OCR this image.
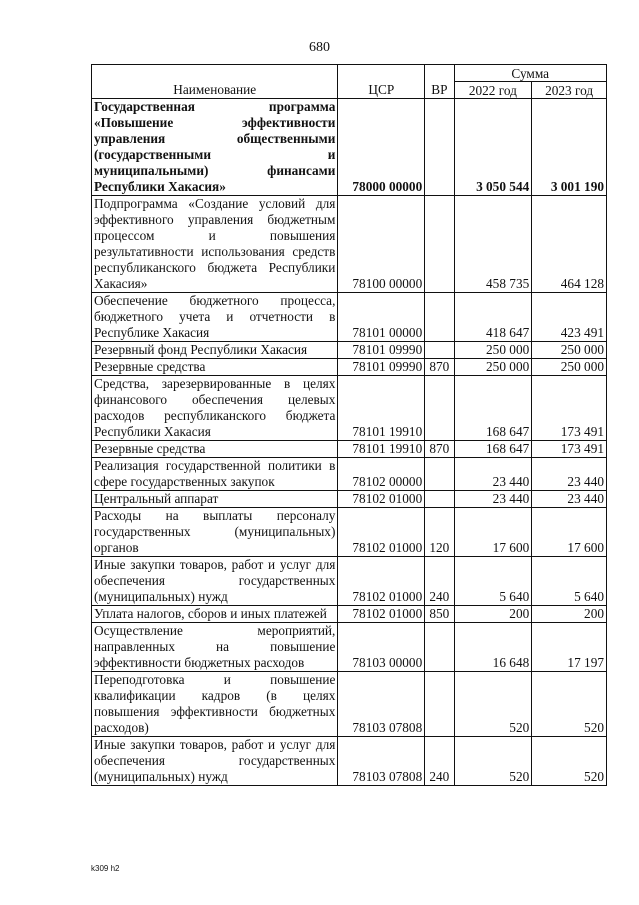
680
Наименование	ЦСР	ВР	Сумма	
			2022 год	2023 год
Государственная программа «Повышение эффективности управления общественными (государственными и муниципальными) финансами Республики Хакасия»	78000 00000		3 050 544	3 001 190
Подпрограмма «Создание условий для эффективного управления бюджетным процессом и повышения результативности использования средств республиканского бюджета Республики Хакасия»	78100 00000		458 735	464 128
Обеспечение бюджетного процесса, бюджетного учета и отчетности в Республике Хакасия	78101 00000		418 647	423 491
Резервный фонд Республики Хакасия	78101 09990		250 000	250 000
Резервные средства	78101 09990	870	250 000	250 000
Средства, зарезервированные в целях финансового обеспечения целевых расходов республиканского бюджета Республики Хакасия	78101 19910		168 647	173 491
Резервные средства	78101 19910	870	168 647	173 491
Реализация государственной политики в сфере государственных закупок	78102 00000		23 440	23 440
Центральный аппарат	78102 01000		23 440	23 440
Расходы на выплаты персоналу государственных (муниципальных) органов	78102 01000	120	17 600	17 600
Иные закупки товаров, работ и услуг для обеспечения государственных (муниципальных) нужд	78102 01000	240	5 640	5 640
Уплата налогов, сборов и иных платежей	78102 01000	850	200	200
Осуществление мероприятий, направленных на повышение эффективности бюджетных расходов	78103 00000		16 648	17 197
Переподготовка и повышение квалификации кадров (в целях повышения эффективности бюджетных расходов)	78103 07808		520	520
Иные закупки товаров, работ и услуг для обеспечения государственных (муниципальных) нужд	78103 07808	240	520	520
k309 h2
